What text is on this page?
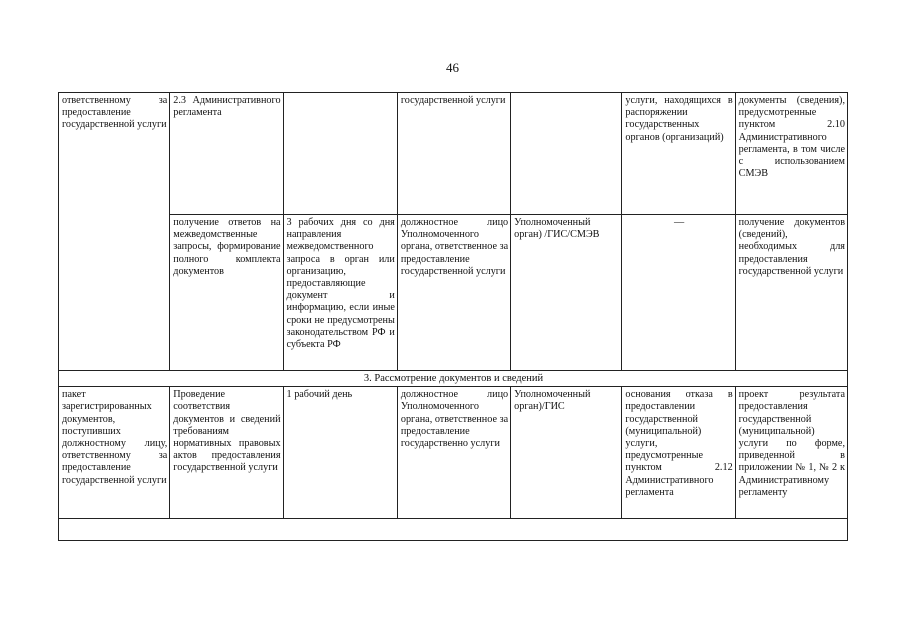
46
ответственному за предоставление государственной услуги	2.3 Административного регламента		государственной услуги		услуги, находящихся в распоряжении государственных органов (организаций)	документы (сведения), предусмотренные пунктом 2.10 Административного регламента, в том числе с использованием СМЭВ
	получение ответов на межведомственные запросы, формирование полного комплекта документов	3 рабочих дня со дня направления межведомственного запроса в орган или организацию, предоставляющие документ и информацию, если иные сроки не предусмотрены законодательством РФ и субъекта РФ	должностное лицо Уполномоченного органа, ответственное за предоставление государственной услуги	Уполномоченный орган) /ГИС/СМЭВ	—	получение документов (сведений), необходимых для предоставления государственной услуги
3. Рассмотрение документов и сведений						
пакет зарегистрированных документов, поступивших должностному лицу, ответственному за предоставление государственной услуги	Проведение соответствия документов и сведений требованиям нормативных правовых актов предоставления государственной услуги	1 рабочий день	должностное лицо Уполномоченного органа, ответственное за предоставление государственно услуги	Уполномоченный орган)/ГИС	основания отказа в предоставлении государственной (муниципальной) услуги, предусмотренные пунктом 2.12 Административного регламента	проект результата предоставления государственной (муниципальной) услуги по форме, приведенной в приложении № 1, № 2 к Административному регламенту
